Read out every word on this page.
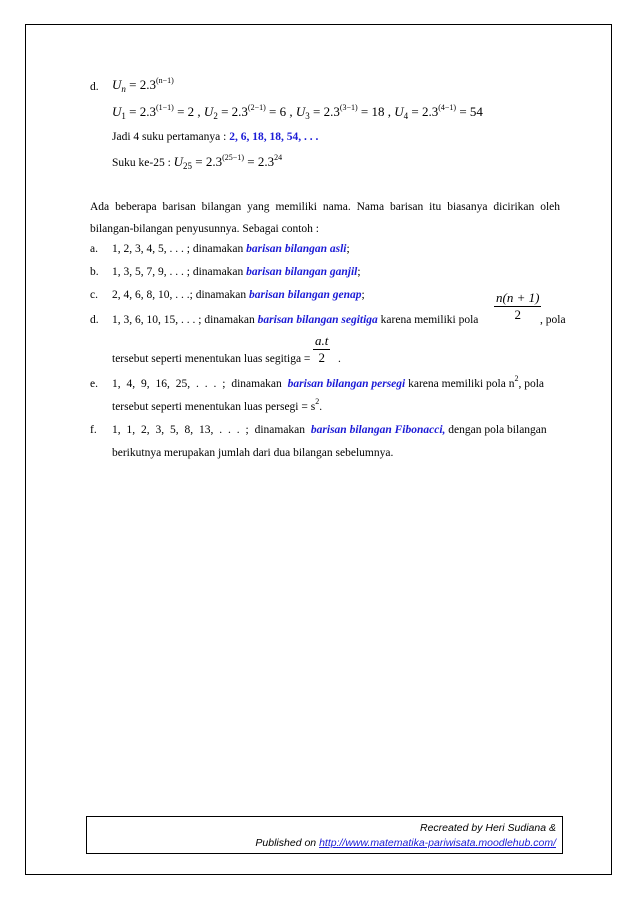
d. $U_n = 2.3^{(n-1)}$
$U_1 = 2.3^{(1-1)} = 2$ , $U_2 = 2.3^{(2-1)} = 6$ , $U_3 = 2.3^{(3-1)} = 18$ , $U_4 = 2.3^{(4-1)} = 54$
Jadi 4 suku pertamanya : 2, 6, 18, 18, 54, . . .
Suku ke-25 : $U_{25} = 2.3^{(25-1)} = 2.3^{24}$
Ada beberapa barisan bilangan yang memiliki nama. Nama barisan itu biasanya dicirikan oleh bilangan-bilangan penyusunnya. Sebagai contoh :
a. 1, 2, 3, 4, 5, . . . ; dinamakan barisan bilangan asli;
b. 1, 3, 5, 7, 9, . . . ; dinamakan barisan bilangan ganjil;
c. 2, 4, 6, 8, 10, . . .; dinamakan barisan bilangan genap;
d. 1, 3, 6, 10, 15, . . . ; dinamakan barisan bilangan segitiga karena memiliki pola $\frac{n(n + 1)}{2}$
, pola
tersebut seperti menentukan luas segitiga = $\frac{a.t}{2}$ .
e. 1, 4, 9, 16, 25, . . . ; dinamakan barisan bilangan persegi karena memiliki pola $n^2$, pola
tersebut seperti menentukan luas persegi = $s^2$.
f. 1, 1, 2, 3, 5, 8, 13, . . . ; dinamakan barisan bilangan Fibonacci, dengan pola bilangan
berikutnya merupakan jumlah dari dua bilangan sebelumnya.
Recreated by Heri Sudiana &
Published on http://www.matematika-pariwisata.moodlehub.com/
